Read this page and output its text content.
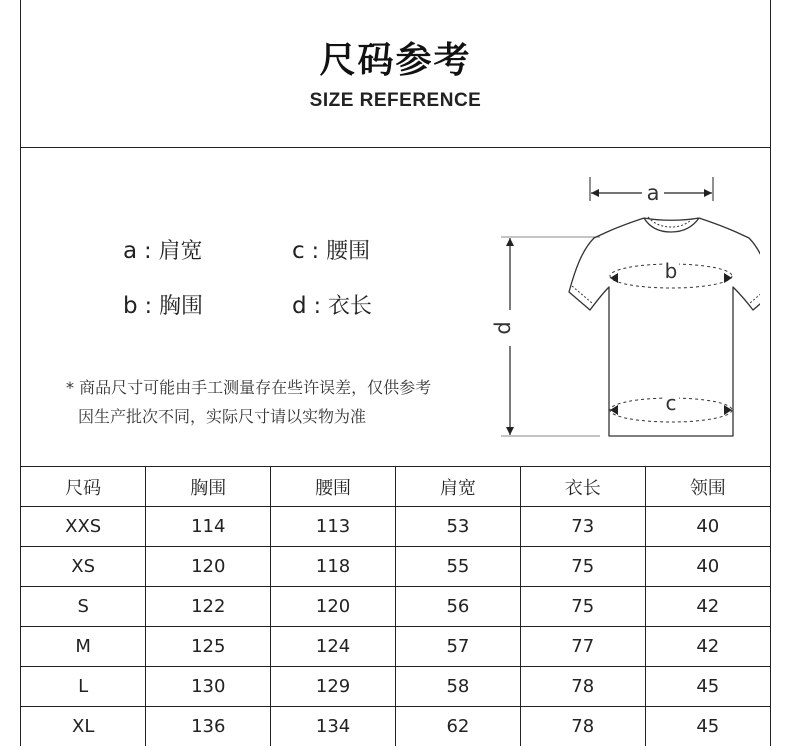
尺码参考
SIZE REFERENCE
a : 肩宽	c : 腰围
b : 胸围	d : 衣长
* 商品尺寸可能由手工测量存在些许误差，仅供参考
因生产批次不同，实际尺寸请以实物为准
a
d
b
c
尺码	胸围	腰围	肩宽	衣长	领围
XXS	114	113	53	73	40
XS	120	118	55	75	40
S	122	120	56	75	42
M	125	124	57	77	42
L	130	129	58	78	45
XL	136	134	62	78	45
